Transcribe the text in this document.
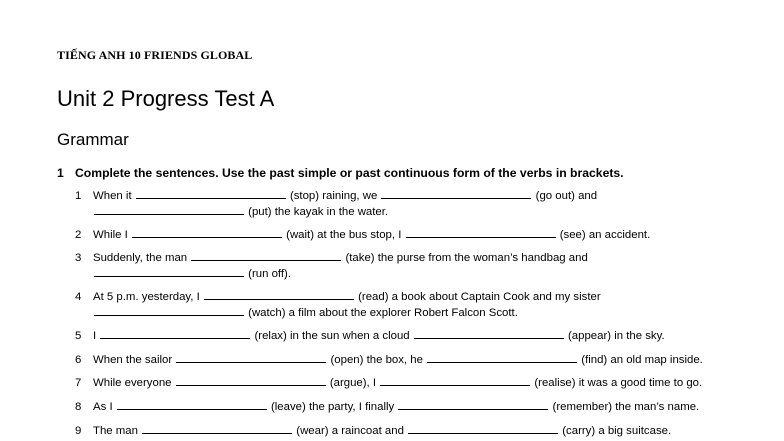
TIẾNG ANH 10 FRIENDS GLOBAL
Unit 2 Progress Test A
Grammar
1 Complete the sentences. Use the past simple or past continuous form of the verbs in brackets.
1	When it	(stop) raining, we	(go out) and
(put) the kayak in the water.
2	While I	(wait) at the bus stop, I	(see) an accident.
3	Suddenly, the man	(take) the purse from the woman’s handbag and
(run off).
4	At 5 p.m. yesterday, I	(read) a book about Captain Cook and my sister
(watch) a film about the explorer Robert Falcon Scott.
5	I	(relax) in the sun when a cloud	(appear) in the sky.
6	When the sailor	(open) the box, he	(find) an old map inside.
7	While everyone	(argue), I	(realise) it was a good time to go.
8	As I	(leave) the party, I finally	(remember) the man’s name.
9	The man	(wear) a raincoat and	(carry) a big suitcase.
